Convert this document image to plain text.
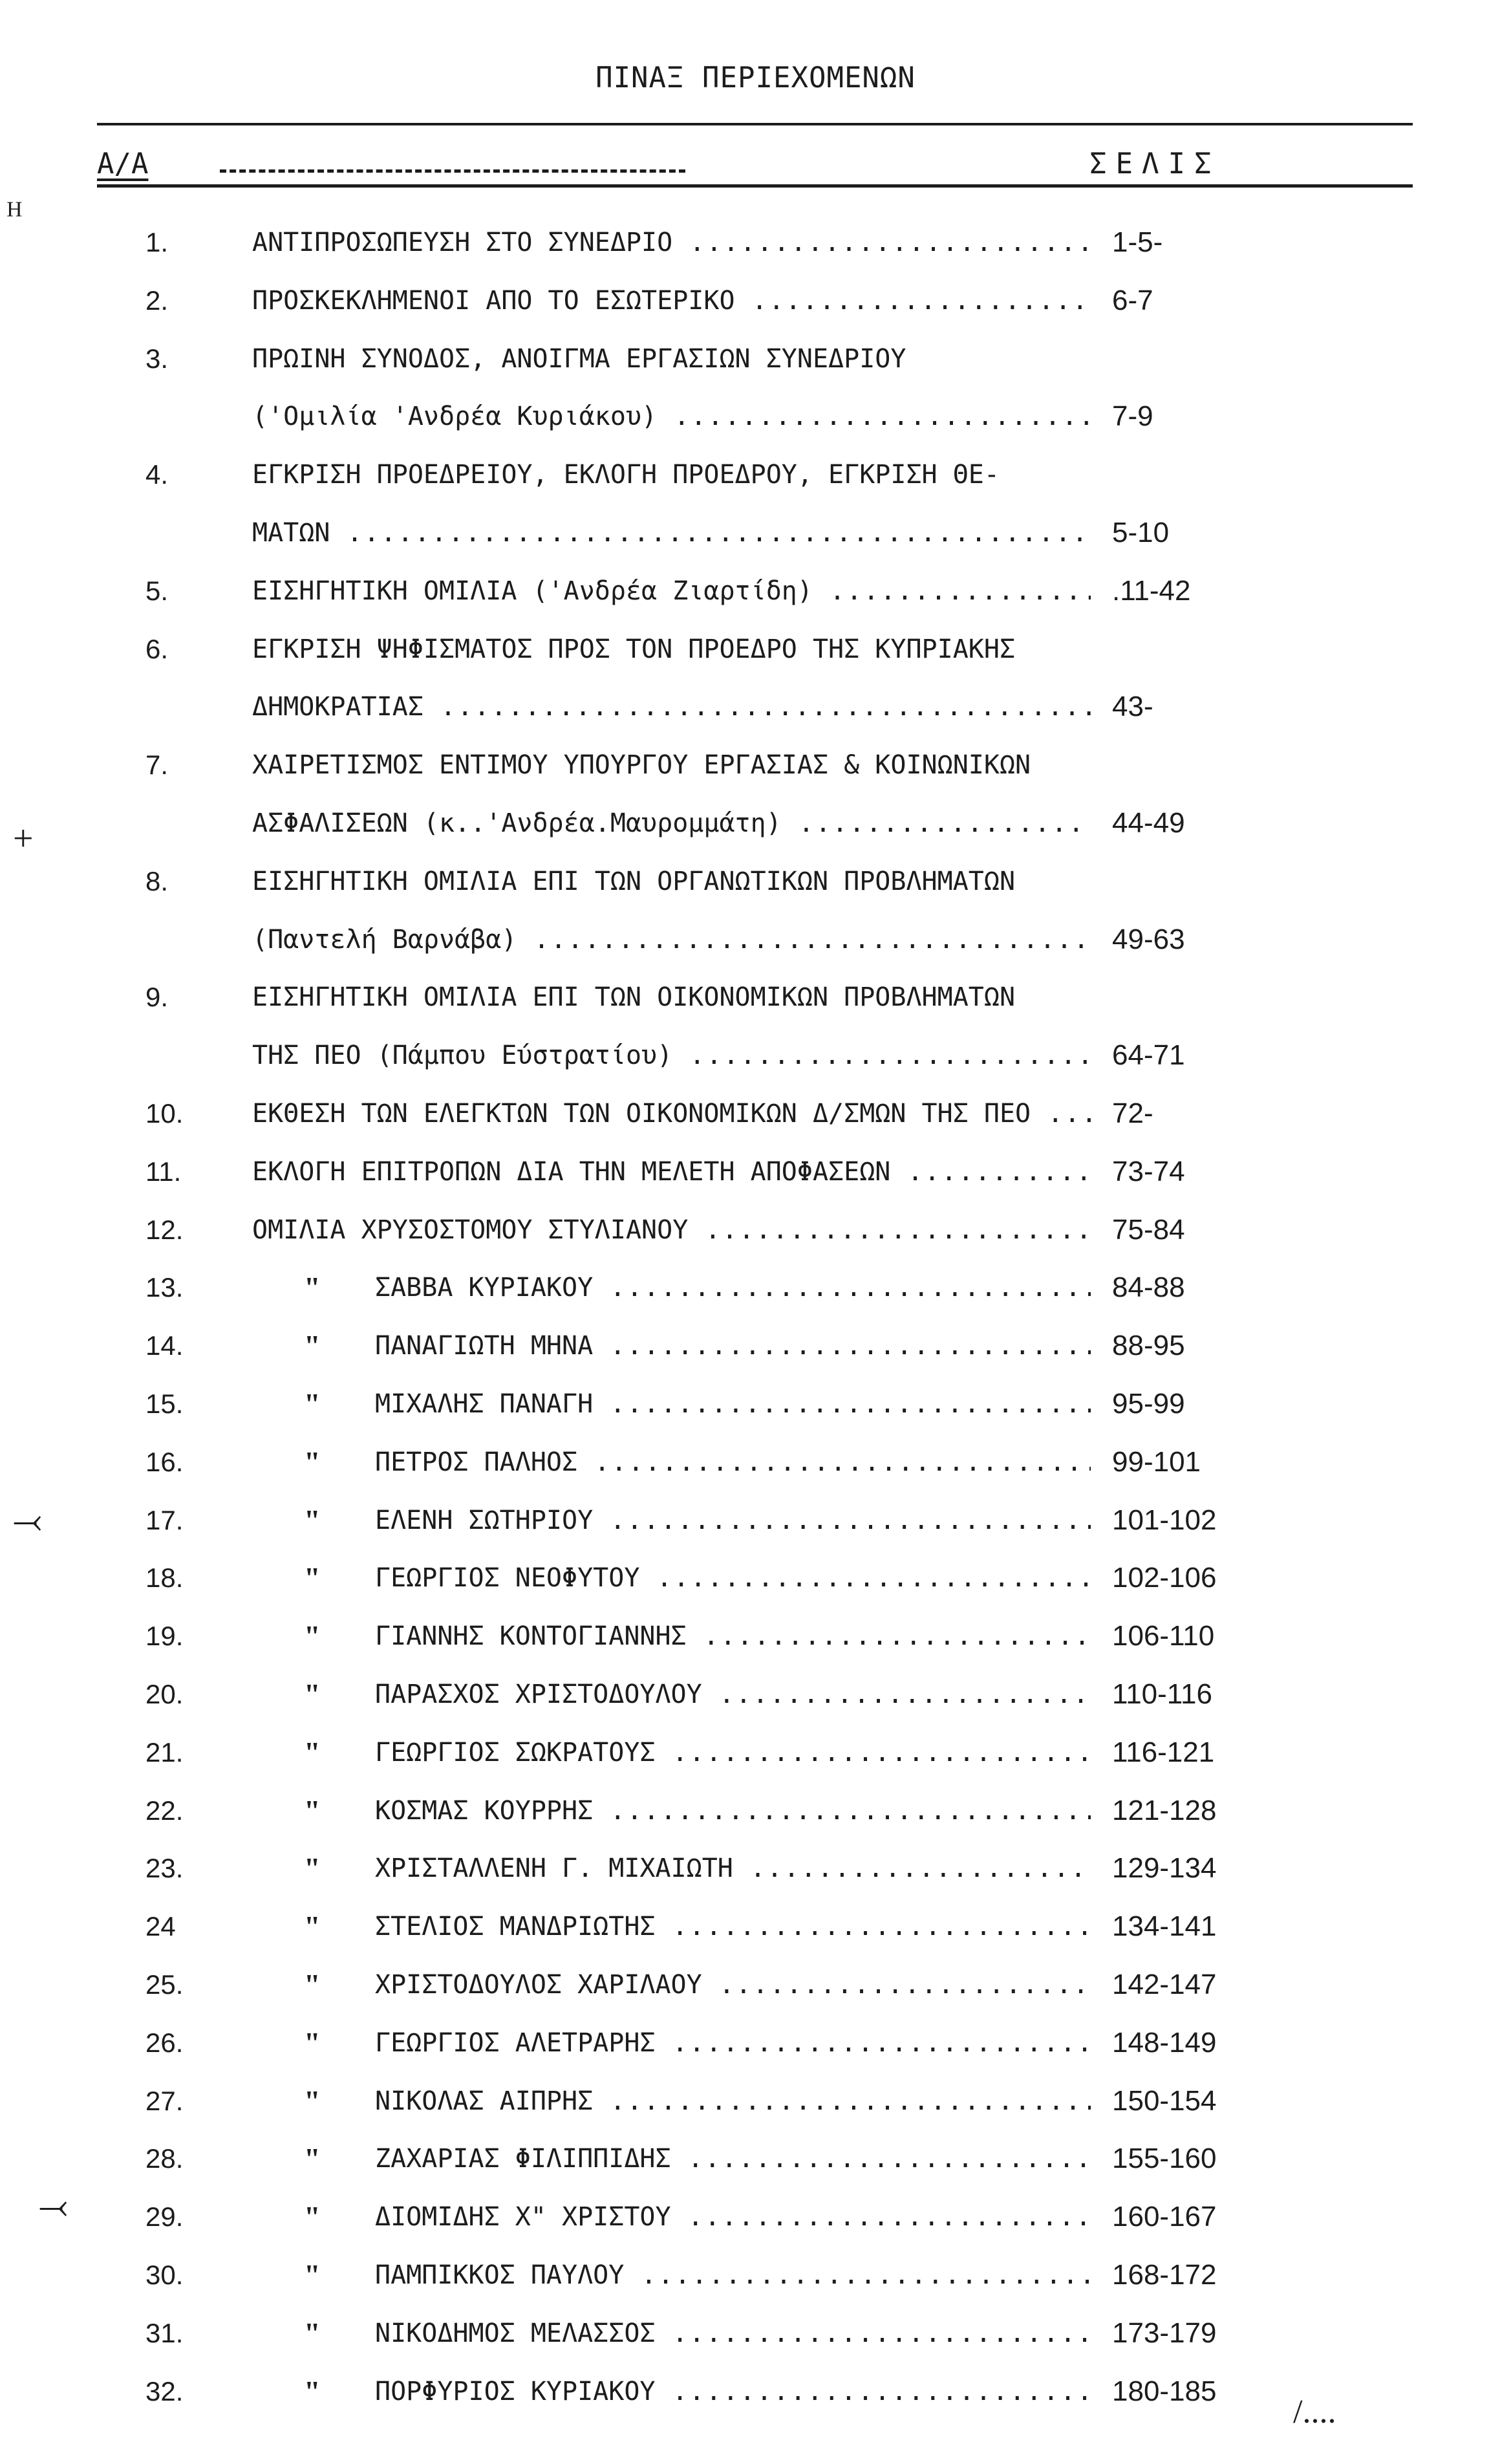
ΠΙΝΑΞ ΠΕΡΙΕΧΟΜΕΝΩΝ
Α/Α	ΣΕΛΙΣ
1.	ΑΝΤΙΠΡΟΣΩΠΕΥΣΗ ΣΤΟ ΣΥΝΕΔΡΙΟ .....	1-5-
2.	ΠΡΟΣΚΕΚΛΗΜΕΝΟΙ ΑΠΟ ΤΟ ΕΣΩΤΕΡΙΚΟ .....	6-7
3.	ΠΡΩΙΝΗ ΣΥΝΟΔΟΣ, ΑΝΟΙΓΜΑ ΕΡΓΑΣΙΩΝ ΣΥΝΕΔΡΙΟΥ
('Ομιλία 'Ανδρέα Κυριάκου) .....	7-9
4.	ΕΓΚΡΙΣΗ ΠΡΟΕΔΡΕΙΟΥ, ΕΚΛΟΓΗ ΠΡΟΕΔΡΟΥ, ΕΓΚΡΙΣΗ ΘΕ-
ΜΑΤΩΝ .....	5-10
5.	ΕΙΣΗΓΗΤΙΚΗ ΟΜΙΛΙΑ ('Ανδρέα Ζιαρτίδη) .....	.11-42
6.	ΕΓΚΡΙΣΗ ΨΗΦΙΣΜΑΤΟΣ ΠΡΟΣ ΤΟΝ ΠΡΟΕΔΡΟ ΤΗΣ ΚΥΠΡΙΑΚΗΣ
ΔΗΜΟΚΡΑΤΙΑΣ .....	43-
7.	ΧΑΙΡΕΤΙΣΜΟΣ ΕΝΤΙΜΟΥ ΥΠΟΥΡΓΟΥ ΕΡΓΑΣΙΑΣ & ΚΟΙΝΩΝΙΚΩΝ
ΑΣΦΑΛΙΣΕΩΝ (κ..'Ανδρέα.Μαυρομμάτη) .....	44-49
8.	ΕΙΣΗΓΗΤΙΚΗ ΟΜΙΛΙΑ ΕΠΙ ΤΩΝ ΟΡΓΑΝΩΤΙΚΩΝ ΠΡΟΒΛΗΜΑΤΩΝ
(Παντελή Βαρνάβα) .....	49-63
9.	ΕΙΣΗΓΗΤΙΚΗ ΟΜΙΛΙΑ ΕΠΙ ΤΩΝ ΟΙΚΟΝΟΜΙΚΩΝ ΠΡΟΒΛΗΜΑΤΩΝ
ΤΗΣ ΠΕΟ (Πάμπου Εύστρατίου) .....	64-71
10.	ΕΚΘΕΣΗ ΤΩΝ ΕΛΕΓΚΤΩΝ ΤΩΝ ΟΙΚΟΝΟΜΙΚΩΝ Δ/ΣΜΩΝ ΤΗΣ ΠΕΟ .....	72-
11.	ΕΚΛΟΓΗ ΕΠΙΤΡΟΠΩΝ ΔΙΑ ΤΗΝ ΜΕΛΕΤΗ ΑΠΟΦΑΣΕΩΝ .....	73-74
12.	ΟΜΙΛΙΑ ΧΡΥΣΟΣΤΟΜΟΥ ΣΤΥΛΙΑΝΟΥ .....	75-84
13.	"	ΣΑΒΒΑ ΚΥΡΙΑΚΟΥ .....	84-88
14.	"	ΠΑΝΑΓΙΩΤΗ ΜΗΝΑ .....	88-95
15.	"	ΜΙΧΑΛΗΣ ΠΑΝΑΓΗ .....	95-99
16.	"	ΠΕΤΡΟΣ ΠΑΛΗΟΣ .....	99-101
17.	"	ΕΛΕΝΗ ΣΩΤΗΡΙΟΥ .....	101-102
18.	"	ΓΕΩΡΓΙΟΣ ΝΕΟΦΥΤΟΥ .....	102-106
19.	"	ΓΙΑΝΝΗΣ ΚΟΝΤΟΓΙΑΝΝΗΣ .....	106-110
20.	"	ΠΑΡΑΣΧΟΣ ΧΡΙΣΤΟΔΟΥΛΟΥ .....	110-116
21.	"	ΓΕΩΡΓΙΟΣ ΣΩΚΡΑΤΟΥΣ .....	116-121
22.	"	ΚΟΣΜΑΣ ΚΟΥΡΡΗΣ .....	121-128
23.	"	ΧΡΙΣΤΑΛΛΕΝΗ Γ. ΜΙΧΑΙΩΤΗ .....	129-134
24	"	ΣΤΕΛΙΟΣ ΜΑΝΔΡΙΩΤΗΣ .....	134-141
25.	"	ΧΡΙΣΤΟΔΟΥΛΟΣ ΧΑΡΙΛΑΟΥ .....	142-147
26.	"	ΓΕΩΡΓΙΟΣ ΑΛΕΤΡΑΡΗΣ .....	148-149
27.	"	ΝΙΚΟΛΑΣ ΑΙΠΡΗΣ .....	150-154
28.	"	ΖΑΧΑΡΙΑΣ ΦΙΛΙΠΠΙΔΗΣ .....	155-160
29.	"	ΔΙΟΜΙΔΗΣ Χ" ΧΡΙΣΤΟΥ .....	160-167
30.	"	ΠΑΜΠΙΚΚΟΣ ΠΑΥΛΟΥ .....	168-172
31.	"	ΝΙΚΟΔΗΜΟΣ ΜΕΛΑΣΣΟΣ .....	173-179
32.	"	ΠΟΡΦΥΡΙΟΣ ΚΥΡΙΑΚΟΥ .....	180-185
ᴴ
+
⤙
⤙
/....
